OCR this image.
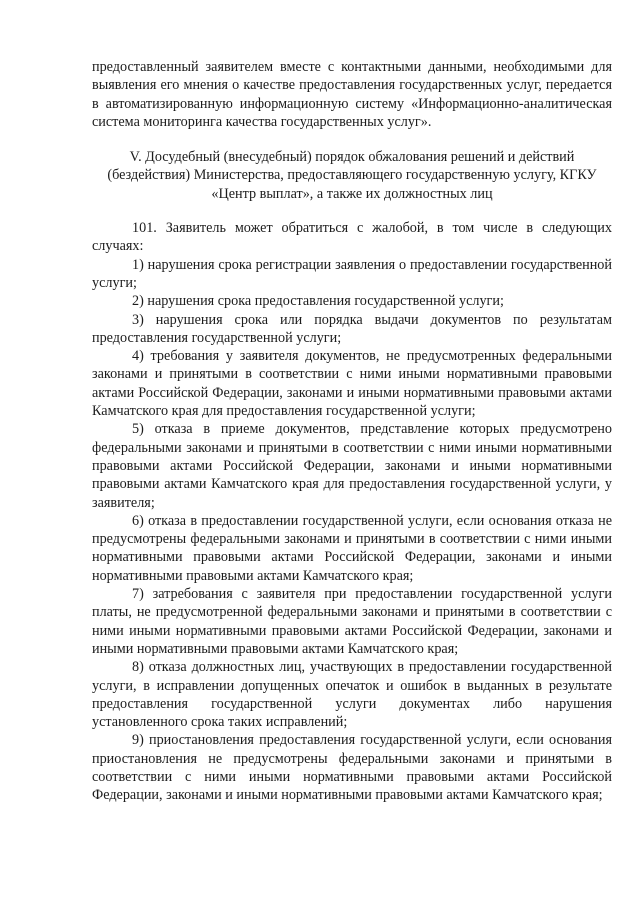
предоставленный заявителем вместе с контактными данными, необходимыми для выявления его мнения о качестве предоставления государственных услуг, передается в автоматизированную информационную систему «Информационно-аналитическая система мониторинга качества государственных услуг».

V. Досудебный (внесудебный) порядок обжалования решений и действий (бездействия) Министерства, предоставляющего государственную услугу, КГКУ «Центр выплат», а также их должностных лиц

101. Заявитель может обратиться с жалобой, в том числе в следующих случаях:

1) нарушения срока регистрации заявления о предоставлении государственной услуги;

2) нарушения срока предоставления государственной услуги;

3) нарушения срока или порядка выдачи документов по результатам предоставления государственной услуги;

4) требования у заявителя документов, не предусмотренных федеральными законами и принятыми в соответствии с ними иными нормативными правовыми актами Российской Федерации, законами и иными нормативными правовыми актами Камчатского края для предоставления государственной услуги;

5) отказа в приеме документов, представление которых предусмотрено федеральными законами и принятыми в соответствии с ними иными нормативными правовыми актами Российской Федерации, законами и иными нормативными правовыми актами Камчатского края для предоставления государственной услуги, у заявителя;

6) отказа в предоставлении государственной услуги, если основания отказа не предусмотрены федеральными законами и принятыми в соответствии с ними иными нормативными правовыми актами Российской Федерации, законами и иными нормативными правовыми актами Камчатского края;

7) затребования с заявителя при предоставлении государственной услуги платы, не предусмотренной федеральными законами и принятыми в соответствии с ними иными нормативными правовыми актами Российской Федерации, законами и иными нормативными правовыми актами Камчатского края;

8) отказа должностных лиц, участвующих в предоставлении государственной услуги, в исправлении допущенных опечаток и ошибок в выданных в результате предоставления государственной услуги документах либо нарушения установленного срока таких исправлений;

9) приостановления предоставления государственной услуги, если основания приостановления не предусмотрены федеральными законами и принятыми в соответствии с ними иными нормативными правовыми актами Российской Федерации, законами и иными нормативными правовыми актами Камчатского края;
